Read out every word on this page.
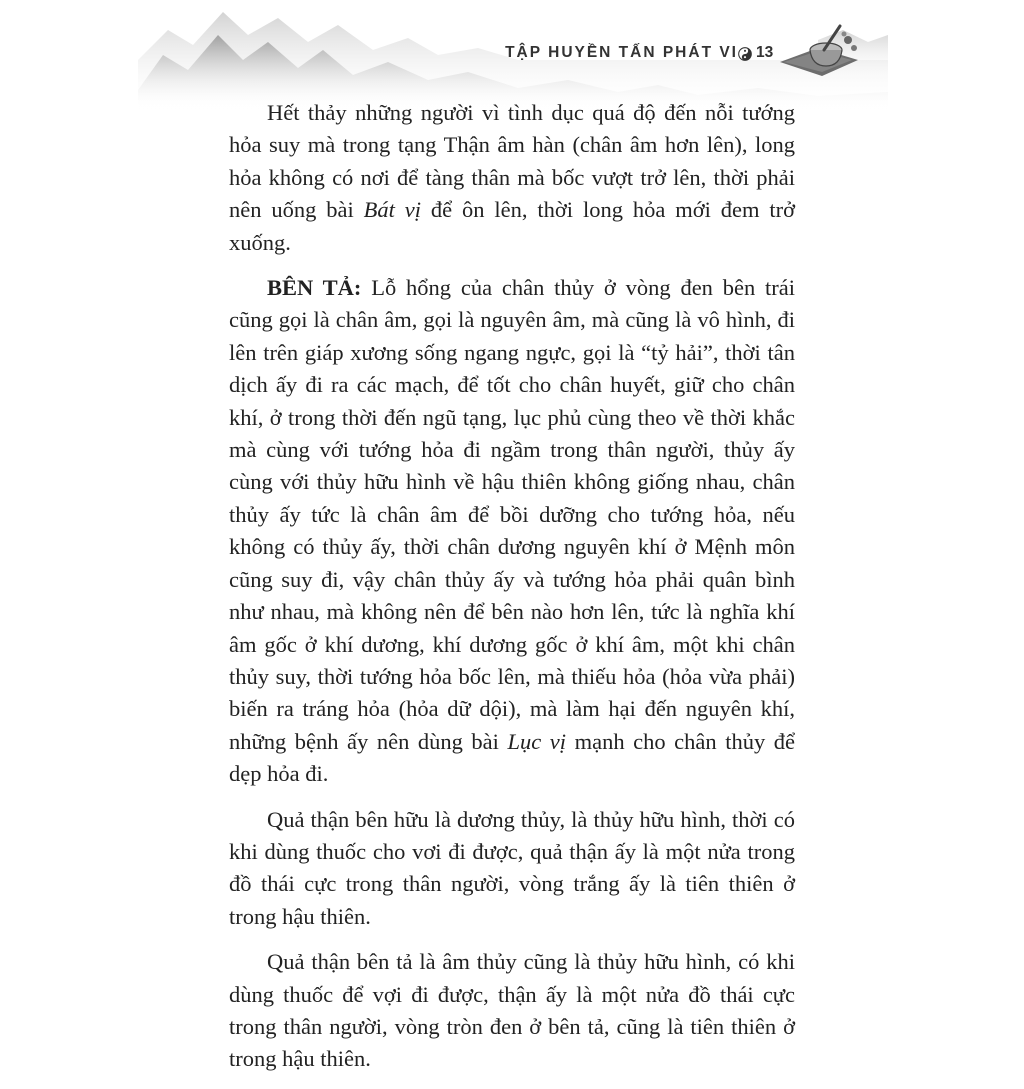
TẬP HUYỀN TẤN PHÁT VI 13

Hết thảy những người vì tình dục quá độ đến nỗi tướng hỏa suy mà trong tạng Thận âm hàn (chân âm hơn lên), long hỏa không có nơi để tàng thân mà bốc vượt trở lên, thời phải nên uống bài Bát vị để ôn lên, thời long hỏa mới đem trở xuống.

BÊN TẢ: Lỗ hổng của chân thủy ở vòng đen bên trái cũng gọi là chân âm, gọi là nguyên âm, mà cũng là vô hình, đi lên trên giáp xương sống ngang ngực, gọi là “tỷ hải”, thời tân dịch ấy đi ra các mạch, để tốt cho chân huyết, giữ cho chân khí, ở trong thời đến ngũ tạng, lục phủ cùng theo về thời khắc mà cùng với tướng hỏa đi ngầm trong thân người, thủy ấy cùng với thủy hữu hình về hậu thiên không giống nhau, chân thủy ấy tức là chân âm để bồi dưỡng cho tướng hỏa, nếu không có thủy ấy, thời chân dương nguyên khí ở Mệnh môn cũng suy đi, vậy chân thủy ấy và tướng hỏa phải quân bình như nhau, mà không nên để bên nào hơn lên, tức là nghĩa khí âm gốc ở khí dương, khí dương gốc ở khí âm, một khi chân thủy suy, thời tướng hỏa bốc lên, mà thiếu hỏa (hỏa vừa phải) biến ra tráng hỏa (hỏa dữ dội), mà làm hại đến nguyên khí, những bệnh ấy nên dùng bài Lục vị mạnh cho chân thủy để dẹp hỏa đi.

Quả thận bên hữu là dương thủy, là thủy hữu hình, thời có khi dùng thuốc cho vơi đi được, quả thận ấy là một nửa trong đồ thái cực trong thân người, vòng trắng ấy là tiên thiên ở trong hậu thiên.

Quả thận bên tả là âm thủy cũng là thủy hữu hình, có khi dùng thuốc để vợi đi được, thận ấy là một nửa đồ thái cực trong thân người, vòng tròn đen ở bên tả, cũng là tiên thiên ở trong hậu thiên.
